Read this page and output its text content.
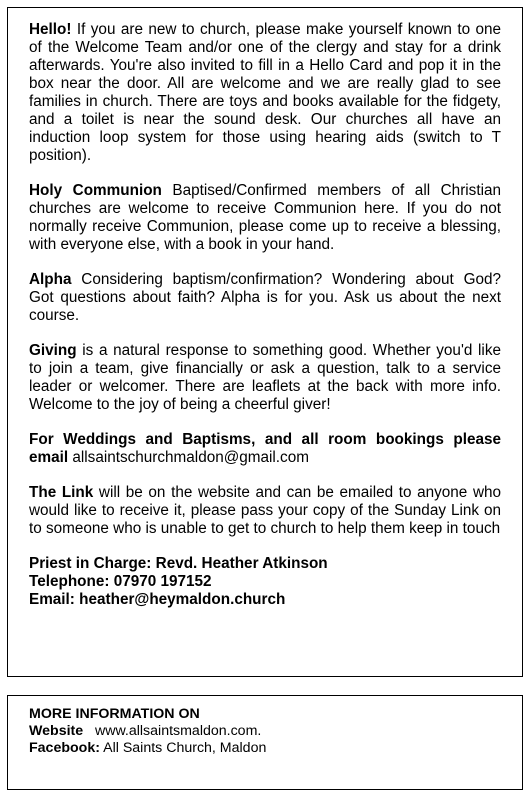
Hello! If you are new to church, please make yourself known to one of the Welcome Team and/or one of the clergy and stay for a drink afterwards. You're also invited to fill in a Hello Card and pop it in the box near the door. All are welcome and we are really glad to see families in church. There are toys and books available for the fidgety, and a toilet is near the sound desk. Our churches all have an induction loop system for those using hearing aids (switch to T position).

Holy Communion Baptised/Confirmed members of all Christian churches are welcome to receive Communion here. If you do not normally receive Communion, please come up to receive a blessing, with everyone else, with a book in your hand.

Alpha Considering baptism/confirmation? Wondering about God? Got questions about faith? Alpha is for you. Ask us about the next course.

Giving is a natural response to something good. Whether you'd like to join a team, give financially or ask a question, talk to a service leader or welcomer. There are leaflets at the back with more info. Welcome to the joy of being a cheerful giver!

For Weddings and Baptisms, and all room bookings please email allsaintschurchmaldon@gmail.com

The Link will be on the website and can be emailed to anyone who would like to receive it, please pass your copy of the Sunday Link on to someone who is unable to get to church to help them keep in touch

Priest in Charge: Revd. Heather Atkinson
Telephone: 07970 197152
Email: heather@heymaldon.church
MORE INFORMATION ON
Website   www.allsaintsmaldon.com.
Facebook: All Saints Church, Maldon
